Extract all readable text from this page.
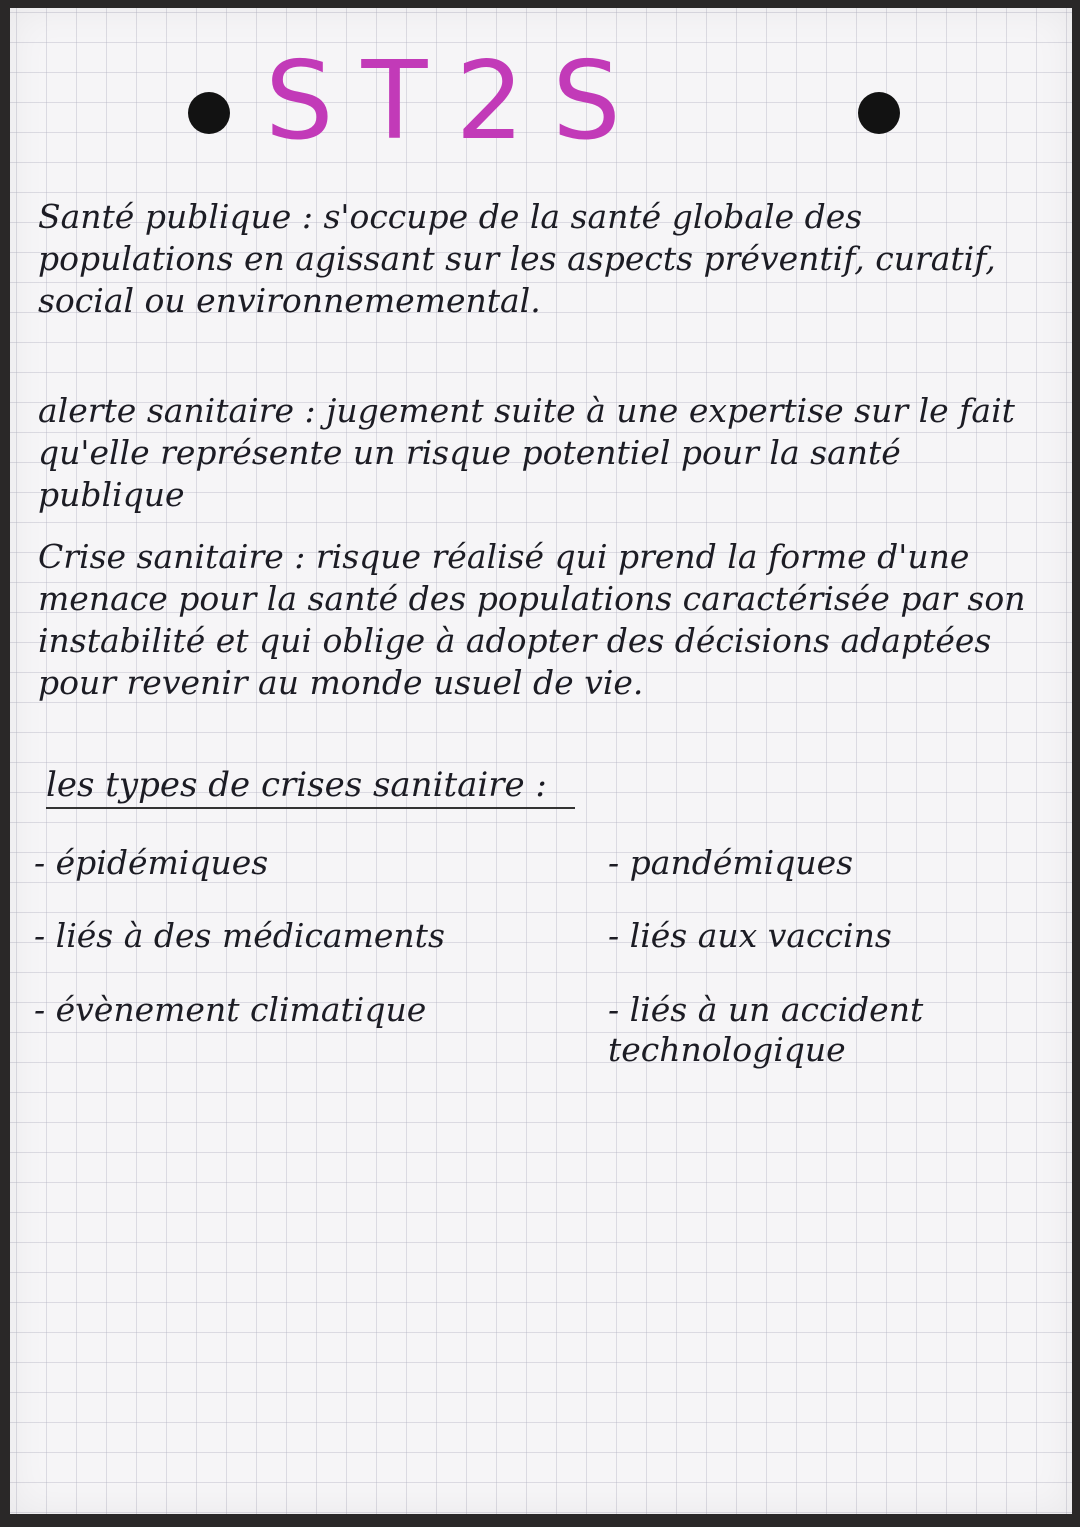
ST2S
Santé publique : s'occupe de la santé globale des populations en agissant sur les aspects préventif, curatif, social ou environnememental.
alerte sanitaire : jugement suite à une expertise sur le fait qu'elle représente un risque potentiel pour la santé publique
Crise sanitaire : risque réalisé qui prend la forme d'une menace pour la santé des populations caractérisée par son instabilité et qui oblige à adopter des décisions adaptées pour revenir au monde usuel de vie.
les types de crises sanitaire :
- épidémiques	- pandémiques
- liés à des médicaments	- liés aux vaccins
- évènement climatique	- liés à un accident technologique
